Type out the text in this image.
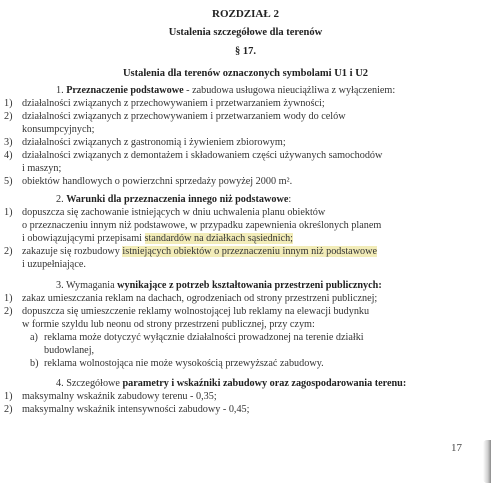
ROZDZIAŁ 2
Ustalenia szczegółowe dla terenów
§ 17.
Ustalenia dla terenów oznaczonych symbolami U1 i U2
1. Przeznaczenie podstawowe - zabudowa usługowa nieuciążliwa z wyłączeniem:
1) działalności związanych z przechowywaniem i przetwarzaniem żywności;
2) działalności związanych z przechowywaniem i przetwarzaniem wody do celów
konsumpcyjnych;
3) działalności związanych z gastronomią i żywieniem zbiorowym;
4) działalności związanych z demontażem i składowaniem części używanych samochodów
i maszyn;
5) obiektów handlowych o powierzchni sprzedaży powyżej 2000 m².
2. Warunki dla przeznaczenia innego niż podstawowe:
1) dopuszcza się zachowanie istniejących w dniu uchwalenia planu obiektów
o przeznaczeniu innym niż podstawowe, w przypadku zapewnienia określonych planem
i obowiązującymi przepisami standardów na działkach sąsiednich;
2) zakazuje się rozbudowy istniejących obiektów o przeznaczeniu innym niż podstawowe
i uzupełniające.
3. Wymagania wynikające z potrzeb kształtowania przestrzeni publicznych:
1) zakaz umieszczania reklam na dachach, ogrodzeniach od strony przestrzeni publicznej;
2) dopuszcza się umieszczenie reklamy wolnostojącej lub reklamy na elewacji budynku
w formie szyldu lub neonu od strony przestrzeni publicznej, przy czym:
a) reklama może dotyczyć wyłącznie działalności prowadzonej na terenie działki
budowlanej,
b) reklama wolnostojąca nie może wysokością przewyższać zabudowy.
4. Szczegółowe parametry i wskaźniki zabudowy oraz zagospodarowania terenu:
1) maksymalny wskaźnik zabudowy terenu - 0,35;
2) maksymalny wskaźnik intensywności zabudowy - 0,45;
17
